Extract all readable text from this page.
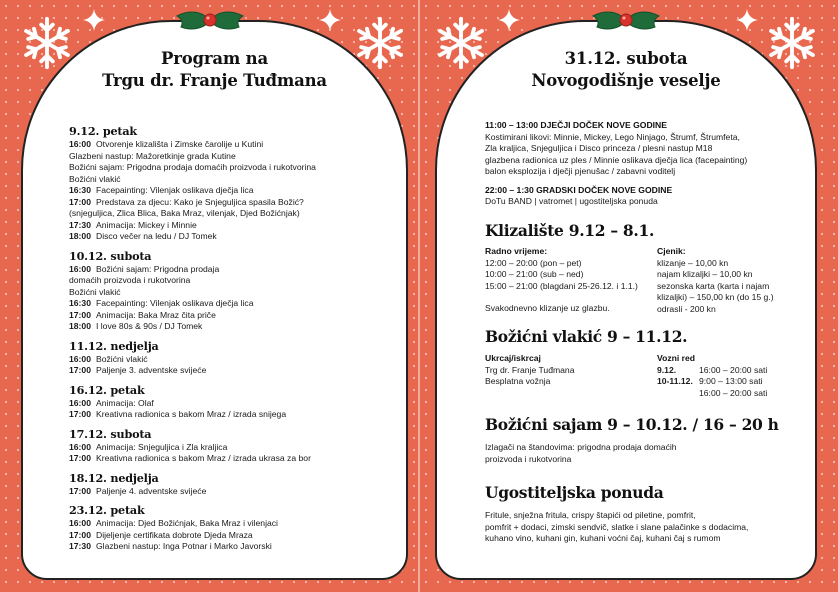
Program na
Trgu dr. Franje Tuđmana
9.12. petak
16:00 Otvorenje klizališta i Zimske čarolije u Kutini
Glazbeni nastup: Mažoretkinje grada Kutine
Božićni sajam: Prigodna prodaja domaćih proizvoda i rukotvorina
Božićni vlakić
16:30 Facepainting: Vilenjak oslikava dječja lica
17:00 Predstava za djecu: Kako je Snjeguljica spasila Božić?
(snjeguljica, Zlica Blica, Baka Mraz, vilenjak, Djed Božićnjak)
17:30 Animacija: Mickey i Minnie
18:00 Disco večer na ledu / DJ Tomek
10.12. subota
16:00 Božićni sajam: Prigodna prodaja
domaćih proizvoda i rukotvorina
Božićni vlakić
16:30 Facepainting: Vilenjak oslikava dječja lica
17:00 Animacija: Baka Mraz čita priče
18:00 I love 80s & 90s / DJ Tomek
11.12. nedjelja
16:00 Božićni vlakić
17:00 Paljenje 3. adventske svijeće
16.12. petak
16:00 Animacija: Olaf
17:00 Kreativna radionica s bakom Mraz / izrada snijega
17.12. subota
16:00 Animacija: Snjeguljica i Zla kraljica
17:00 Kreativna radionica s bakom Mraz / izrada ukrasa za bor
18.12. nedjelja
17:00 Paljenje 4. adventske svijeće
23.12. petak
16:00 Animacija: Djed Božićnjak, Baka Mraz i vilenjaci
17:00 Dijeljenje certifikata dobrote Djeda Mraza
17:30 Glazbeni nastup: Inga Potnar i Marko Javorski
31.12. subota
Novogodišnje veselje
11:00 – 13:00 DJEČJI DOČEK NOVE GODINE
Kostimirani likovi: Minnie, Mickey, Lego Ninjago, Štrumf, Štrumfeta,
Zla kraljica, Snjeguljica i Disco princeza / plesni nastup M18
glazbena radionica uz ples / Minnie oslikava dječja lica (facepainting)
balon eksplozija i dječji pjenušac / zabavni voditelj
22:00 – 1:30 GRADSKI DOČEK NOVE GODINE
DoTu BAND | vatromet | ugostiteljska ponuda
Klizalište 9.12 – 8.1.
Radno vrijeme:
12:00 – 20:00 (pon – pet)
10:00 – 21:00 (sub – ned)
15:00 – 21:00 (blagdani 25-26.12. i 1.1.)
Svakodnevno klizanje uz glazbu.
Cjenik:
klizanje – 10,00 kn
najam klizaljki – 10,00 kn
sezonska karta (karta i najam
klizaljki) – 150,00 kn (do 15 g.)
odrasli - 200 kn
Božićni vlakić 9 – 11.12.
Ukrcaj/iskrcaj
Trg dr. Franje Tuđmana
Besplatna vožnja
Vozni red
9.12.	16:00 – 20:00 sati
10-11.12. 9:00 – 13:00 sati
16:00 – 20:00 sati
Božićni sajam 9 – 10.12. / 16 – 20 h
Izlagači na štandovima: prigodna prodaja domaćih
proizvoda i rukotvorina
Ugostiteljska ponuda
Fritule, snježna fritula, crispy štapići od piletine, pomfrit,
pomfrit + dodaci, zimski sendvič, slatke i slane palačinke s dodacima,
kuhano vino, kuhani gin, kuhani voćni čaj, kuhani čaj s rumom
